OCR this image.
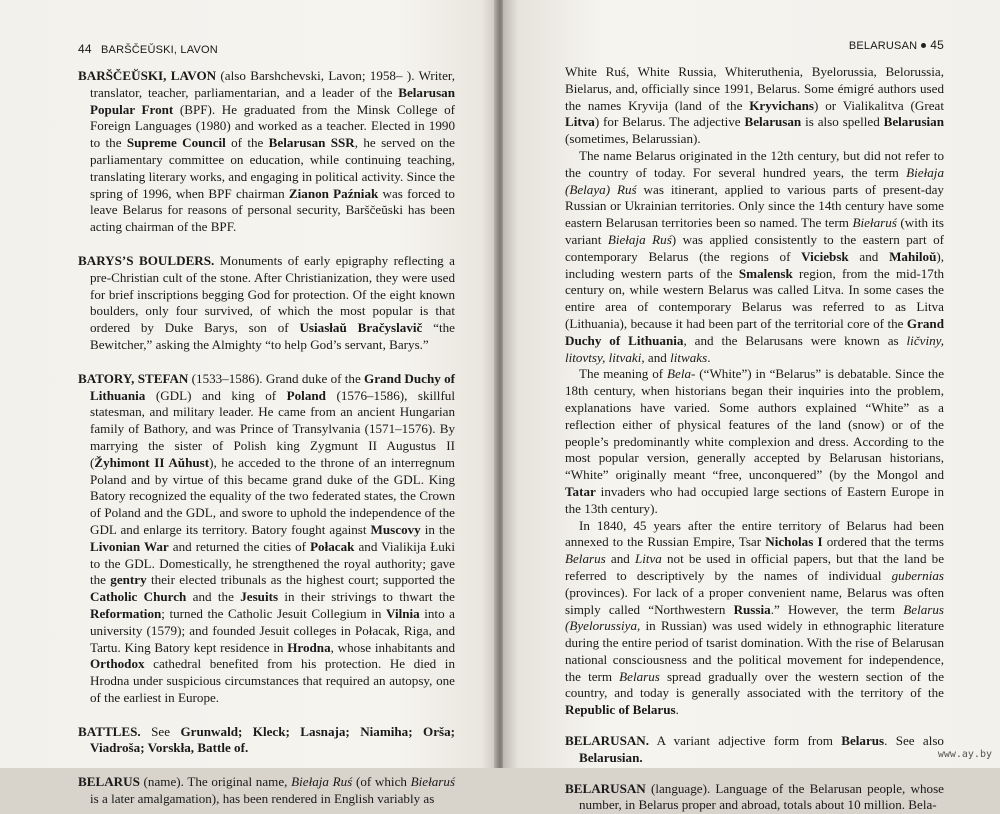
44 BARŠČEŬSKI, LAVON

BARŠČEŬSKI, LAVON (also Barshchevski, Lavon; 1958– ). Writer, translator, teacher, parliamentarian, and a leader of the Belarusan Popular Front (BPF). He graduated from the Minsk College of Foreign Languages (1980) and worked as a teacher. Elected in 1990 to the Supreme Council of the Belarusan SSR, he served on the parliamentary committee on education, while continuing teaching, translating literary works, and engaging in political activity. Since the spring of 1996, when BPF chairman Zianon Paźniak was forced to leave Belarus for reasons of personal security, Barščeŭski has been acting chairman of the BPF.

BARYS’S BOULDERS. Monuments of early epigraphy reflecting a pre-Christian cult of the stone. After Christianization, they were used for brief inscriptions begging God for protection. Of the eight known boulders, only four survived, of which the most popular is that ordered by Duke Barys, son of Usiasłaŭ Bračyslavič “the Bewitcher,” asking the Almighty “to help God’s servant, Barys.”

BATORY, STEFAN (1533–1586). Grand duke of the Grand Duchy of Lithuania (GDL) and king of Poland (1576–1586), skillful statesman, and military leader. He came from an ancient Hungarian family of Bathory, and was Prince of Transylvania (1571–1576). By marrying the sister of Polish king Zygmunt II Augustus II (Žyhimont II Aŭhust), he acceded to the throne of an interregnum Poland and by virtue of this became grand duke of the GDL. King Batory recognized the equality of the two federated states, the Crown of Poland and the GDL, and swore to uphold the independence of the GDL and enlarge its territory. Batory fought against Muscovy in the Livonian War and returned the cities of Połacak and Vialikija Łuki to the GDL. Domestically, he strengthened the royal authority; gave the gentry their elected tribunals as the highest court; supported the Catholic Church and the Jesuits in their strivings to thwart the Reformation; turned the Catholic Jesuit Collegium in Vilnia into a university (1579); and founded Jesuit colleges in Połacak, Riga, and Tartu. King Batory kept residence in Hrodna, whose inhabitants and Orthodox cathedral benefited from his protection. He died in Hrodna under suspicious circumstances that required an autopsy, one of the earliest in Europe.

BATTLES. See Grunwald; Kleck; Lasnaja; Niamiha; Orša; Viadroša; Vorskła, Battle of.

BELARUS (name). The original name, Biełaja Ruś (of which Biełaruś is a later amalgamation), has been rendered in English variably as

BELARUSAN 45

White Ruś, White Russia, Whiteruthenia, Byelorussia, Belorussia, Bielarus, and, officially since 1991, Belarus. Some émigré authors used the names Kryvija (land of the Kryvichans) or Vialikalitva (Great Litva) for Belarus. The adjective Belarusan is also spelled Belarusian (sometimes, Belarussian).

The name Belarus originated in the 12th century, but did not refer to the country of today. For several hundred years, the term Biełaja (Belaya) Ruś was itinerant, applied to various parts of present-day Russian or Ukrainian territories. Only since the 14th century have some eastern Belarusan territories been so named. The term Biełaruś (with its variant Biełaja Ruś) was applied consistently to the eastern part of contemporary Belarus (the regions of Viciebsk and Mahiloŭ), including western parts of the Smalensk region, from the mid-17th century on, while western Belarus was called Litva. In some cases the entire area of contemporary Belarus was referred to as Litva (Lithuania), because it had been part of the territorial core of the Grand Duchy of Lithuania, and the Belarusans were known as ličviny, litovtsy, litvaki, and litwaks.

The meaning of Bela- (“White”) in “Belarus” is debatable. Since the 18th century, when historians began their inquiries into the problem, explanations have varied. Some authors explained “White” as a reflection either of physical features of the land (snow) or of the people’s predominantly white complexion and dress. According to the most popular version, generally accepted by Belarusan historians, “White” originally meant “free, unconquered” (by the Mongol and Tatar invaders who had occupied large sections of Eastern Europe in the 13th century).

In 1840, 45 years after the entire territory of Belarus had been annexed to the Russian Empire, Tsar Nicholas I ordered that the terms Belarus and Litva not be used in official papers, but that the land be referred to descriptively by the names of individual gubernias (provinces). For lack of a proper convenient name, Belarus was often simply called “Northwestern Russia.” However, the term Belarus (Byelorussiya, in Russian) was used widely in ethnographic literature during the entire period of tsarist domination. With the rise of Belarusan national consciousness and the political movement for independence, the term Belarus spread gradually over the western section of the country, and today is generally associated with the territory of the Republic of Belarus.

BELARUSAN. A variant adjective form from Belarus. See also Belarusian.

BELARUSAN (language). Language of the Belarusan people, whose number, in Belarus proper and abroad, totals about 10 million. Bela-

www.ay.by
